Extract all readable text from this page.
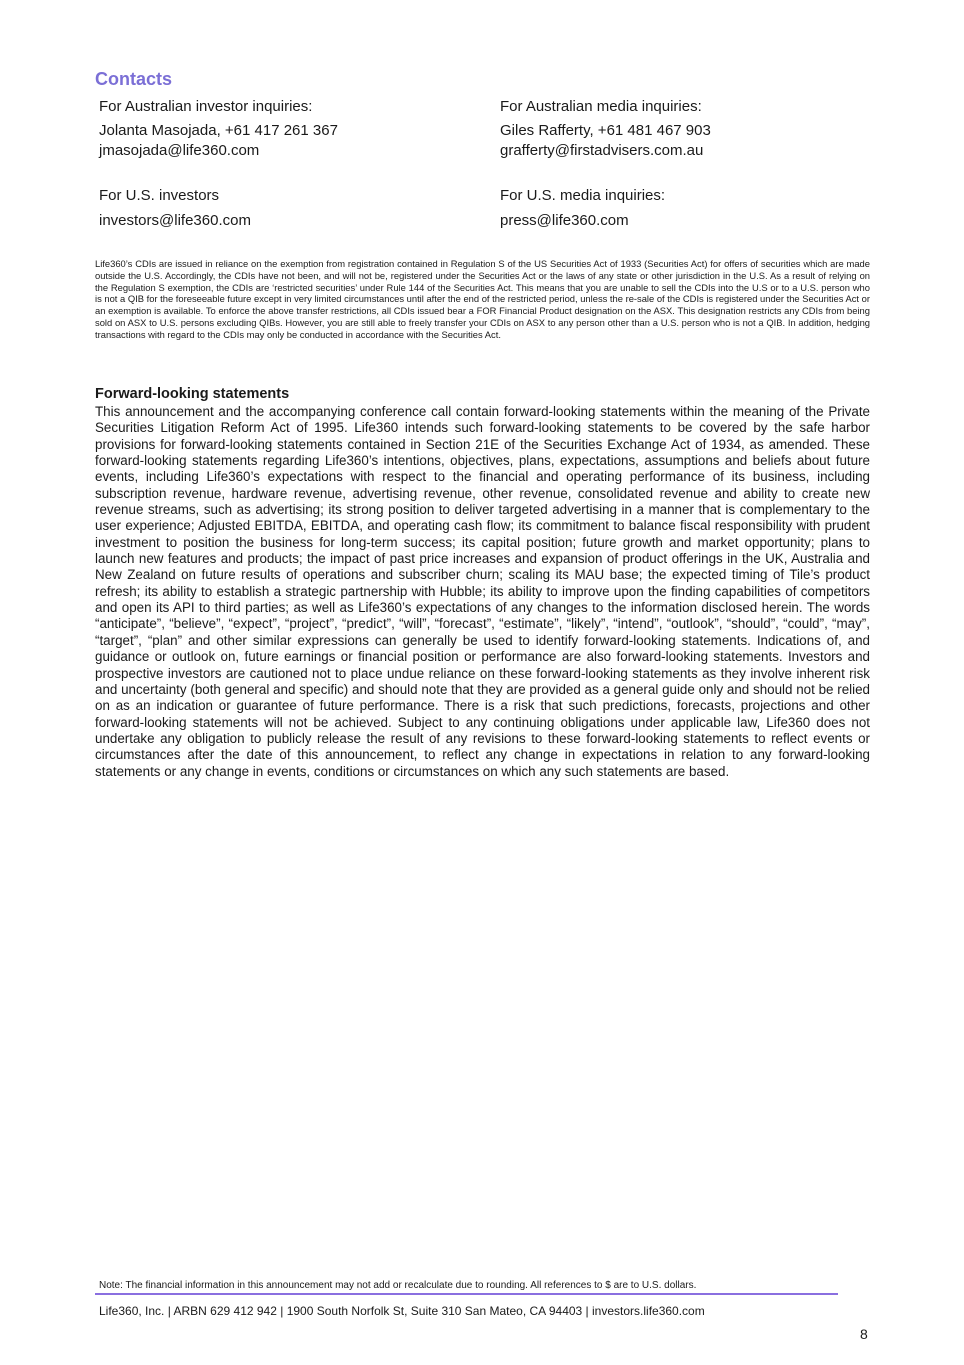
Contacts
For Australian investor inquiries:
Jolanta Masojada, +61 417 261 367
jmasojada@life360.com
For Australian media inquiries:
Giles Rafferty, +61 481 467 903
grafferty@firstadvisers.com.au
For U.S. investors
investors@life360.com
For U.S. media inquiries:
press@life360.com
Life360’s CDIs are issued in reliance on the exemption from registration contained in Regulation S of the US Securities Act of 1933 (Securities Act) for offers of securities which are made outside the U.S. Accordingly, the CDIs have not been, and will not be, registered under the Securities Act or the laws of any state or other jurisdiction in the U.S. As a result of relying on the Regulation S exemption, the CDIs are ‘restricted securities’ under Rule 144 of the Securities Act. This means that you are unable to sell the CDIs into the U.S or to a U.S. person who is not a QIB for the foreseeable future except in very limited circumstances until after the end of the restricted period, unless the re-sale of the CDIs is registered under the Securities Act or an exemption is available. To enforce the above transfer restrictions, all CDIs issued bear a FOR Financial Product designation on the ASX. This designation restricts any CDIs from being sold on ASX to U.S. persons excluding QIBs. However, you are still able to freely transfer your CDIs on ASX to any person other than a U.S. person who is not a QIB. In addition, hedging transactions with regard to the CDIs may only be conducted in accordance with the Securities Act.
Forward-looking statements
This announcement and the accompanying conference call contain forward-looking statements within the meaning of the Private Securities Litigation Reform Act of 1995. Life360 intends such forward-looking statements to be covered by the safe harbor provisions for forward-looking statements contained in Section 21E of the Securities Exchange Act of 1934, as amended. These forward-looking statements regarding Life360’s intentions, objectives, plans, expectations, assumptions and beliefs about future events, including Life360’s expectations with respect to the financial and operating performance of its business, including subscription revenue, hardware revenue, advertising revenue, other revenue, consolidated revenue and ability to create new revenue streams, such as advertising; its strong position to deliver targeted advertising in a manner that is complementary to the user experience; Adjusted EBITDA, EBITDA, and operating cash flow; its commitment to balance fiscal responsibility with prudent investment to position the business for long-term success; its capital position; future growth and market opportunity; plans to launch new features and products; the impact of past price increases and expansion of product offerings in the UK, Australia and New Zealand on future results of operations and subscriber churn; scaling its MAU base; the expected timing of Tile’s product refresh; its ability to establish a strategic partnership with Hubble; its ability to improve upon the finding capabilities of competitors and open its API to third parties; as well as Life360’s expectations of any changes to the information disclosed herein. The words “anticipate”, “believe”, “expect”, “project”, “predict”, “will”, “forecast”, “estimate”, “likely”, “intend”, “outlook”, “should”, “could”, “may”, “target”, “plan” and other similar expressions can generally be used to identify forward-looking statements. Indications of, and guidance or outlook on, future earnings or financial position or performance are also forward-looking statements. Investors and prospective investors are cautioned not to place undue reliance on these forward-looking statements as they involve inherent risk and uncertainty (both general and specific) and should note that they are provided as a general guide only and should not be relied on as an indication or guarantee of future performance. There is a risk that such predictions, forecasts, projections and other forward-looking statements will not be achieved. Subject to any continuing obligations under applicable law, Life360 does not undertake any obligation to publicly release the result of any revisions to these forward-looking statements to reflect events or circumstances after the date of this announcement, to reflect any change in expectations in relation to any forward-looking statements or any change in events, conditions or circumstances on which any such statements are based.
Note: The financial information in this announcement may not add or recalculate due to rounding. All references to $ are to U.S. dollars.
Life360, Inc. | ARBN 629 412 942 | 1900 South Norfolk St, Suite 310 San Mateo, CA 94403 | investors.life360.com
8
